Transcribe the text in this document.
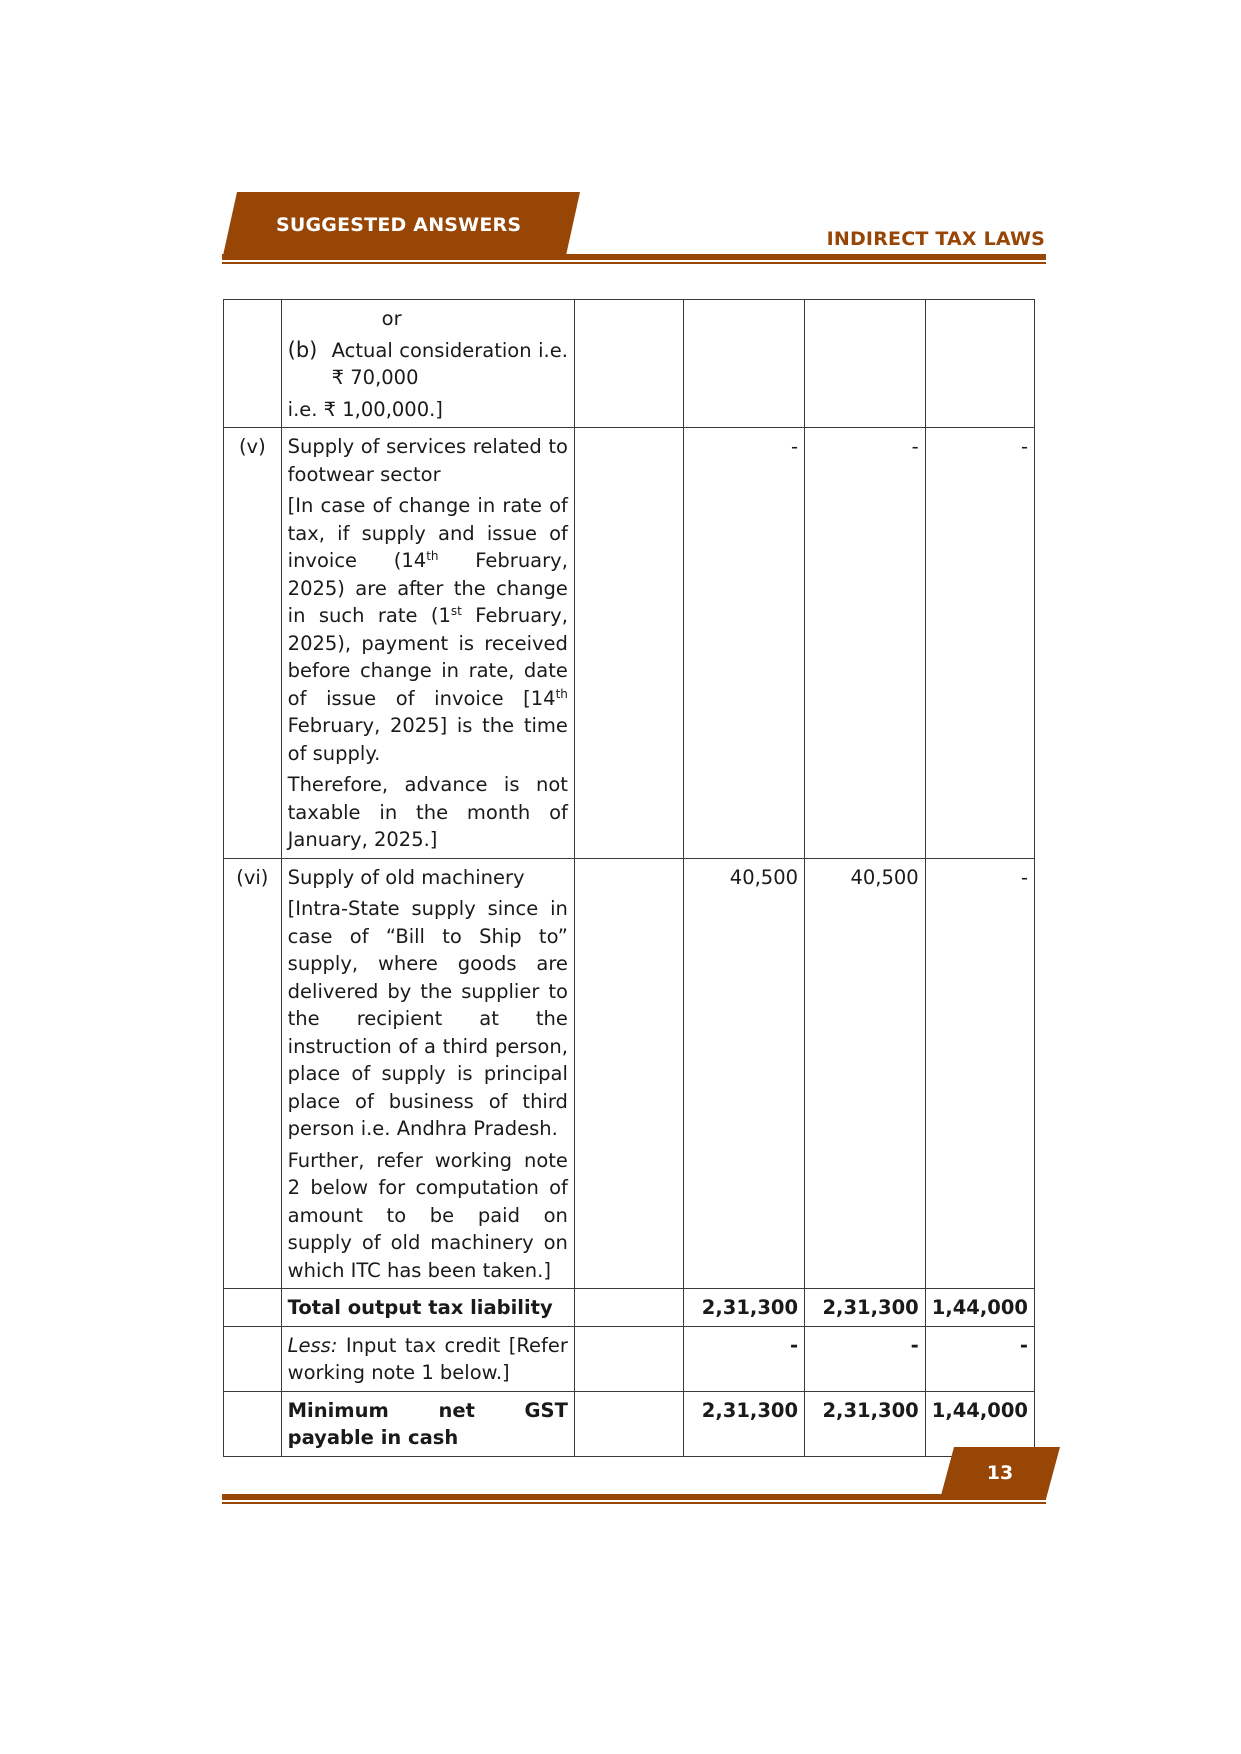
SUGGESTED ANSWERS
INDIRECT TAX LAWS

	or
(b) Actual consideration i.e. ₹ 70,000
i.e. ₹ 1,00,000.]				

(v)	Supply of services related to footwear sector
[In case of change in rate of tax, if supply and issue of invoice (14th February, 2025) are after the change in such rate (1st February, 2025), payment is received before change in rate, date of issue of invoice [14th February, 2025] is the time of supply.
Therefore, advance is not taxable in the month of January, 2025.]		-	-	-
(vi)	Supply of old machinery
[Intra-State supply since in case of “Bill to Ship to” supply, where goods are delivered by the supplier to the recipient at the instruction of a third person, place of supply is principal place of business of third person i.e. Andhra Pradesh.
Further, refer working note 2 below for computation of amount to be paid on supply of old machinery on which ITC has been taken.]		40,500	40,500	-
	Total output tax liability		2,31,300	2,31,300	1,44,000
	Less: Input tax credit [Refer working note 1 below.]		-	-	-
	Minimum net GST payable in cash		2,31,300	2,31,300	1,44,000
13
